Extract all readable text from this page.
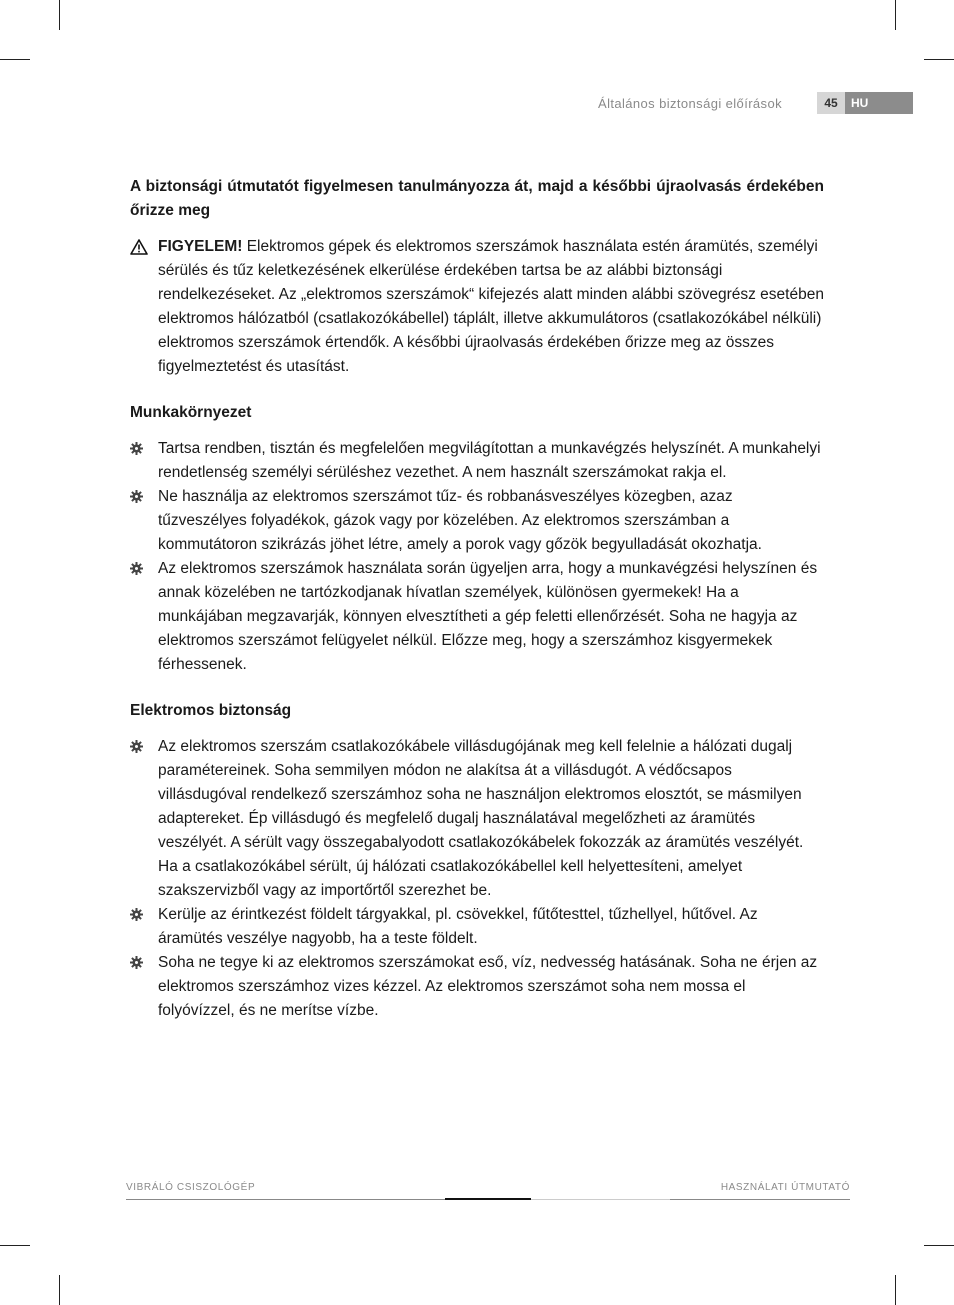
Általános biztonsági előírások	45	HU

A biztonsági útmutatót figyelmesen tanulmányozza át, majd a későbbi újraolvasás érdekében őrizze meg

FIGYELEM! Elektromos gépek és elektromos szerszámok használata estén áramütés, személyi sérülés és tűz keletkezésének elkerülése érdekében tartsa be az alábbi biztonsági rendelkezéseket. Az „elektromos szerszámok“ kifejezés alatt minden alábbi szövegrész esetében elektromos hálózatból (csatlakozókábellel) táplált, illetve akkumulátoros (csatlakozókábel nélküli) elektromos szerszámok értendők. A későbbi újraolvasás érdekében őrizze meg az összes figyelmeztetést és utasítást.
Munkakörnyezet
Tartsa rendben, tisztán és megfelelően megvilágítottan a munkavégzés helyszínét. A munkahelyi rendetlenség személyi sérüléshez vezethet. A nem használt szerszámokat rakja el.
Ne használja az elektromos szerszámot tűz- és robbanásveszélyes közegben, azaz tűzveszélyes folyadékok, gázok vagy por közelében. Az elektromos szerszámban a kommutátoron szikrázás jöhet létre, amely a porok vagy gőzök begyulladását okozhatja.
Az elektromos szerszámok használata során ügyeljen arra, hogy a munkavégzési helyszínen és annak közelében ne tartózkodjanak hívatlan személyek, különösen gyermekek! Ha a munkájában megzavarják, könnyen elvesztítheti a gép feletti ellenőrzését. Soha ne hagyja az elektromos szerszámot felügyelet nélkül. Előzze meg, hogy a szerszámhoz kisgyermekek férhessenek.
Elektromos biztonság
Az elektromos szerszám csatlakozókábele villásdugójának meg kell felelnie a hálózati dugalj paramétereinek. Soha semmilyen módon ne alakítsa át a villásdugót. A védőcsapos villásdugóval rendelkező szerszámhoz soha ne használjon elektromos elosztót, se másmilyen adaptereket. Ép villásdugó és megfelelő dugalj használatával megelőzheti az áramütés veszélyét. A sérült vagy összegabalyodott csatlakozókábelek fokozzák az áramütés veszélyét. Ha a csatlakozókábel sérült, új hálózati csatlakozókábellel kell helyettesíteni, amelyet szakszervizből vagy az importőrtől szerezhet be.
Kerülje az érintkezést földelt tárgyakkal, pl. csövekkel, fűtőtesttel, tűzhellyel, hűtővel. Az áramütés veszélye nagyobb, ha a teste földelt.
Soha ne tegye ki az elektromos szerszámokat eső, víz, nedvesség hatásának. Soha ne érjen az elektromos szerszámhoz vizes kézzel. Az elektromos szerszámot soha nem mossa el folyóvízzel, és ne merítse vízbe.
VIBRÁLÓ CSISZOLÓGÉP	HASZNÁLATI ÚTMUTATÓ
